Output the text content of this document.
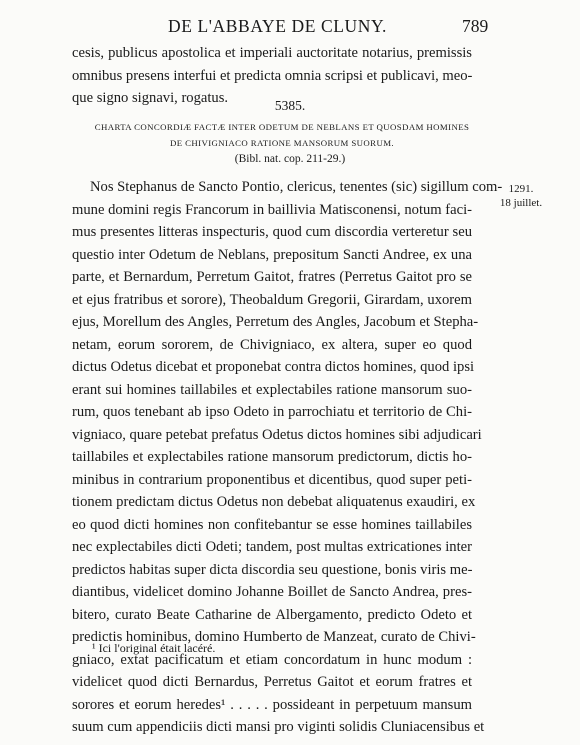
DE L'ABBAYE DE CLUNY.	789
cesis, publicus apostolica et imperiali auctoritate notarius, premissis
omnibus presens interfui et predicta omnia scripsi et publicavi, meo-
que signo signavi, rogatus.	5385.
CHARTA CONCORDIÆ FACTÆ INTER ODETUM DE NEBLANS ET QUOSDAM HOMINES
DE CHIVIGNIACO RATIONE MANSORUM SUORUM.
(Bibl. nat. cop. 211-29.)
1291.
18 juillet.
Nos Stephanus de Sancto Pontio, clericus, tenentes (sic) sigillum com-
mune domini regis Francorum in baillivia Matisconensi, notum faci-
mus presentes litteras inspecturis, quod cum discordia verteretur seu
questio inter Odetum de Neblans, prepositum Sancti Andree, ex una
parte, et Bernardum, Perretum Gaitot, fratres (Perretus Gaitot pro se
et ejus fratribus et sorore), Theobaldum Gregorii, Girardam, uxorem
ejus, Morellum des Angles, Perretum des Angles, Jacobum et Stepha-
netam, eorum sororem, de Chivigniaco, ex altera, super eo quod
dictus Odetus dicebat et proponebat contra dictos homines, quod ipsi
erant sui homines taillabiles et explectabiles ratione mansorum suo-
rum, quos tenebant ab ipso Odeto in parrochiatu et territorio de Chi-
vigniaco, quare petebat prefatus Odetus dictos homines sibi adjudicari
taillabiles et explectabiles ratione mansorum predictorum, dictis ho-
minibus in contrarium proponentibus et dicentibus, quod super peti-
tionem predictam dictus Odetus non debebat aliquatenus exaudiri, ex
eo quod dicti homines non confitebantur se esse homines taillabiles
nec explectabiles dicti Odeti; tandem, post multas extricationes inter
predictos habitas super dicta discordia seu questione, bonis viris me-
diantibus, videlicet domino Johanne Boillet de Sancto Andrea, pres-
bitero, curato Beate Catharine de Albergamento, predicto Odeto et
predictis hominibus, domino Humberto de Manzeat, curato de Chivi-
gniaco, extat pacificatum et etiam concordatum in hunc modum :
videlicet quod dicti Bernardus, Perretus Gaitot et eorum fratres et
sorores et eorum heredes¹ . . . . . possideant in perpetuum mansum
suum cum appendiciis dicti mansi pro viginti solidis Cluniacensibus et
¹ Ici l'original était lacéré.
